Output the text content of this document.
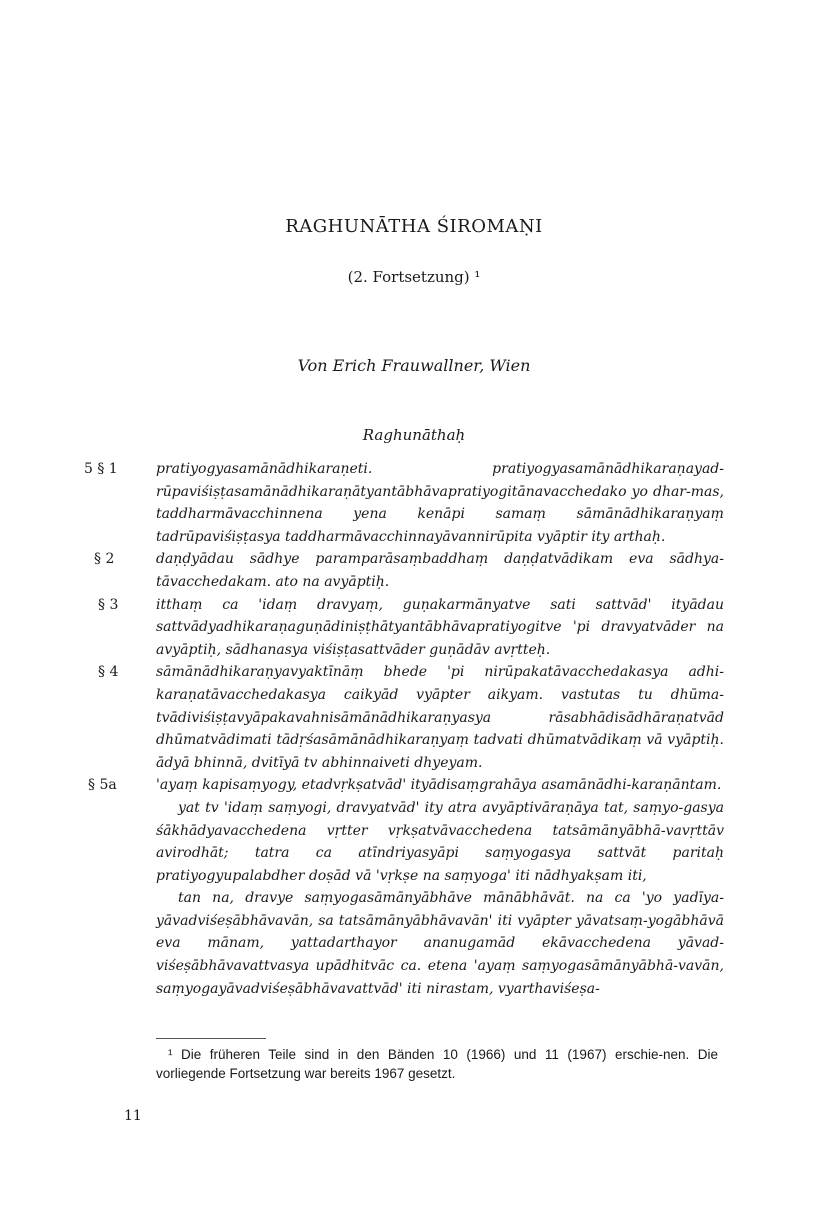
RAGHUNĀTHA ŚIROMAṆI
(2. Fortsetzung) ¹
Von Erich Frauwallner, Wien
Raghunāthaḥ
5 § 1	pratiyogyasamānādhikaraṇeti. pratiyogyasamānādhikaraṇayad-rūpaviśiṣṭasamānādhikaraṇātyantābhāvapratiyogitānavacchedako yo dhar-mas, taddharmāvacchinnena yena kenāpi samaṃ sāmānādhikaraṇyaṃ tadrūpaviśiṣṭasya taddharmāvacchinnayāvannirūpita vyāptir ity arthaḥ.
§ 2	daṇḍyādau sādhye paramparāsaṃbaddhaṃ daṇḍatvādikam eva sādhya-tāvacchedakam. ato na avyāptiḥ.
§ 3	itthaṃ ca 'idaṃ dravyaṃ, guṇakarmānyatve sati sattvād' ityādau sattvādyadhikaraṇaguṇādiniṣṭhātyantābhāvapratiyogitve 'pi dravyatvāder na avyāptiḥ, sādhanasya viśiṣṭasattvāder guṇādāv avṛtteḥ.
§ 4	sāmānādhikaraṇyavyaktīnāṃ bhede 'pi nirūpakatāvacchedakasya adhi-karaṇatāvacchedakasya caikyād vyāpter aikyam. vastutas tu dhūma-tvādiviśiṣṭavyāpakavahnisāmānādhikaraṇyasya rāsabhādisādhāraṇatvād dhūmatvādimati tādṛśasāmānādhikaraṇyaṃ tadvati dhūmatvādikaṃ vā vyāptiḥ. ādyā bhinnā, dvitīyā tv abhinnaiveti dhyeyam.
§ 5a	'ayaṃ kapisaṃyogy, etadvṛkṣatvād' ityādisaṃgrahāya asamānādhi-karaṇāntam.
yat tv 'idaṃ saṃyogi, dravyatvād' ity atra avyāptivāraṇāya tat, saṃyo-gasya śākhādyavacchedena vṛtter vṛkṣatvāvacchedena tatsāmānyābhā-vavṛttāv avirodhāt; tatra ca atīndriyasyāpi saṃyogasya sattvāt paritaḥ pratiyogyupalabdher doṣād vā 'vṛkṣe na saṃyoga' iti nādhyakṣam iti,
tan na, dravye saṃyogasāmānyābhāve mānābhāvāt. na ca 'yo yadīya-yāvadviśeṣābhāvavān, sa tatsāmānyābhāvavān' iti vyāpter yāvatsaṃ-yogābhāvā eva mānam, yattadarthayor ananugamād ekāvacchedena yāvad-viśeṣābhāvavattvasya upādhitvāc ca. etena 'ayaṃ saṃyogasāmānyābhā-vavān, saṃyogayāvadviśeṣābhāvavattvād' iti nirastam, vyarthaviśeṣa-
¹ Die früheren Teile sind in den Bänden 10 (1966) und 11 (1967) erschie-nen. Die vorliegende Fortsetzung war bereits 1967 gesetzt.
11
